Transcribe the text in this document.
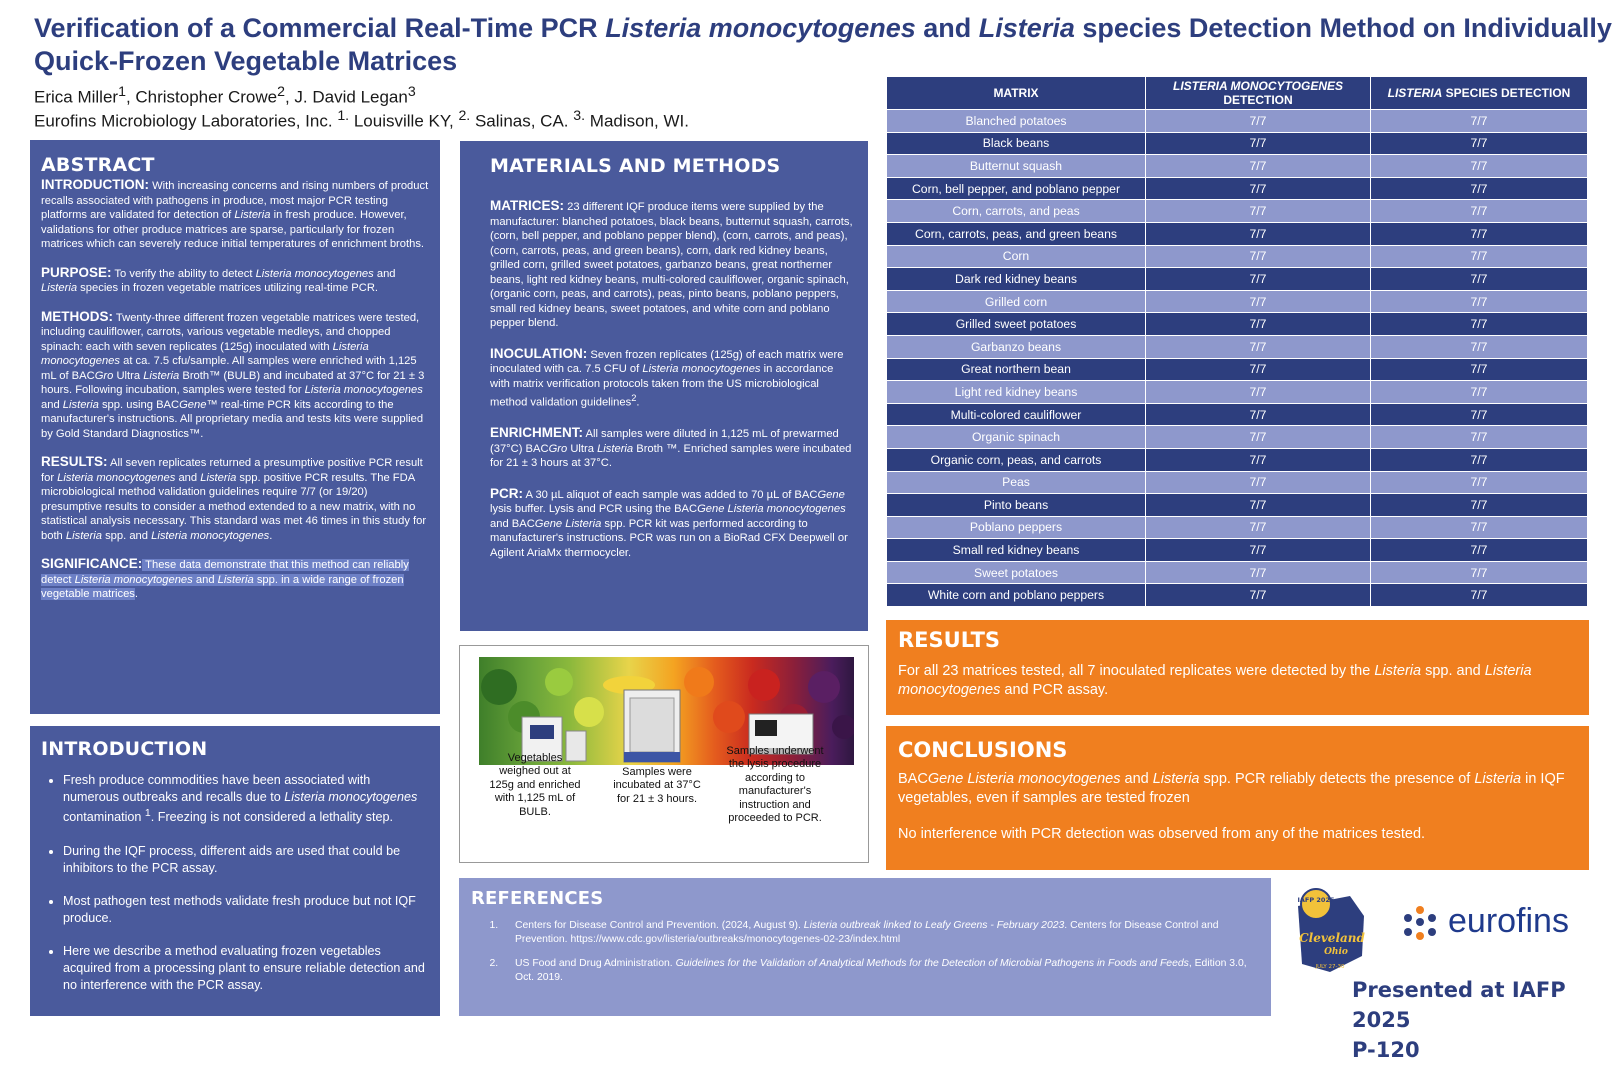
Verification of a Commercial Real-Time PCR Listeria monocytogenes and Listeria species Detection Method on Individually Quick-Frozen Vegetable Matrices
Erica Miller$^1$, Christopher Crowe$^2$, J. David Legan$^3$
Eurofins Microbiology Laboratories, Inc. $^{1.}$ Louisville KY, $^{2.}$ Salinas, CA. $^{3.}$ Madison, WI.
ABSTRACT

INTRODUCTION: With increasing concerns and rising numbers of product recalls associated with pathogens in produce, most major PCR testing platforms are validated for detection of Listeria in fresh produce. However, validations for other produce matrices are sparse, particularly for frozen matrices which can severely reduce initial temperatures of enrichment broths.

PURPOSE: To verify the ability to detect Listeria monocytogenes and Listeria species in frozen vegetable matrices utilizing real-time PCR.

METHODS: Twenty-three different frozen vegetable matrices were tested, including cauliflower, carrots, various vegetable medleys, and chopped spinach: each with seven replicates (125g) inoculated with Listeria monocytogenes at ca. 7.5 cfu/sample. All samples were enriched with 1,125 mL of BACGro Ultra Listeria Broth™ (BULB) and incubated at 37°C for 21 ± 3 hours. Following incubation, samples were tested for Listeria monocytogenes and Listeria spp. using BACGene™ real-time PCR kits according to the manufacturer's instructions. All proprietary media and tests kits were supplied by Gold Standard Diagnostics™.

RESULTS: All seven replicates returned a presumptive positive PCR result for Listeria monocytogenes and Listeria spp. positive PCR results. The FDA microbiological method validation guidelines require 7/7 (or 19/20) presumptive results to consider a method extended to a new matrix, with no statistical analysis necessary. This standard was met 46 times in this study for both Listeria spp. and Listeria monocytogenes.

SIGNIFICANCE: These data demonstrate that this method can reliably detect Listeria monocytogenes and Listeria spp. in a wide range of frozen vegetable matrices.

INTRODUCTION
• Fresh produce commodities have been associated with numerous outbreaks and recalls due to Listeria monocytogenes contamination $^1$. Freezing is not considered a lethality step.
• During the IQF process, different aids are used that could be inhibitors to the PCR assay.
• Most pathogen test methods validate fresh produce but not IQF produce.
• Here we describe a method evaluating frozen vegetables acquired from a processing plant to ensure reliable detection and no interference with the PCR assay.
MATERIALS AND METHODS

MATRICES: 23 different IQF produce items were supplied by the manufacturer: blanched potatoes, black beans, butternut squash, carrots, (corn, bell pepper, and poblano pepper blend), (corn, carrots, and peas), (corn, carrots, peas, and green beans), corn, dark red kidney beans, grilled corn, grilled sweet potatoes, garbanzo beans, great northerner beans, light red kidney beans, multi-colored cauliflower, organic spinach, (organic corn, peas, and carrots), peas, pinto beans, poblano peppers, small red kidney beans, sweet potatoes, and white corn and poblano pepper blend.

INOCULATION: Seven frozen replicates (125g) of each matrix were inoculated with ca. 7.5 CFU of Listeria monocytogenes in accordance with matrix verification protocols taken from the US microbiological method validation guidelines$^2$.

ENRICHMENT: All samples were diluted in 1,125 mL of prewarmed (37°C) BACGro Ultra Listeria Broth ™. Enriched samples were incubated for 21 ± 3 hours at 37°C.

PCR: A 30 µL aliquot of each sample was added to 70 µL of BACGene lysis buffer. Lysis and PCR using the BACGene Listeria monocytogenes and BACGene Listeria spp. PCR kit was performed according to manufacturer's instructions. PCR was run on a BioRad CFX Deepwell or Agilent AriaMx thermocycler.

Vegetables weighed out at 125g and enriched with 1,125 mL of BULB.
Samples were incubated at 37°C for 21 ± 3 hours.
Samples underwent the lysis procedure according to manufacturer's instruction and proceeded to PCR.
MATRIX	LISTERIA MONOCYTOGENES DETECTION	LISTERIA SPECIES DETECTION
Blanched potatoes	7/7	7/7
Black beans	7/7	7/7
Butternut squash	7/7	7/7
Corn, bell pepper, and poblano pepper	7/7	7/7
Corn, carrots, and peas	7/7	7/7
Corn, carrots, peas, and green beans	7/7	7/7
Corn	7/7	7/7
Dark red kidney beans	7/7	7/7
Grilled corn	7/7	7/7
Grilled sweet potatoes	7/7	7/7
Garbanzo beans	7/7	7/7
Great northern bean	7/7	7/7
Light red kidney beans	7/7	7/7
Multi-colored cauliflower	7/7	7/7
Organic spinach	7/7	7/7
Organic corn, peas, and carrots	7/7	7/7
Peas	7/7	7/7
Pinto beans	7/7	7/7
Poblano peppers	7/7	7/7
Small red kidney beans	7/7	7/7
Sweet potatoes	7/7	7/7
White corn and poblano peppers	7/7	7/7
RESULTS

For all 23 matrices tested, all 7 inoculated replicates were detected by the Listeria spp. and Listeria monocytogenes and PCR assay.

CONCLUSIONS

BACGene Listeria monocytogenes and Listeria spp. PCR reliably detects the presence of Listeria in IQF vegetables, even if samples are tested frozen

No interference with PCR detection was observed from any of the matrices tested.

REFERENCES
1. Centers for Disease Control and Prevention. (2024, August 9). Listeria outbreak linked to Leafy Greens - February 2023. Centers for Disease Control and Prevention. https://www.cdc.gov/listeria/outbreaks/monocytogenes-02-23/index.html
2. US Food and Drug Administration. Guidelines for the Validation of Analytical Methods for the Detection of Microbial Pathogens in Foods and Feeds, Edition 3.0, Oct. 2019.
IAFP 2025
Cleveland
Ohio
JULY 27-30
eurofins
Presented at IAFP 2025
P-120
